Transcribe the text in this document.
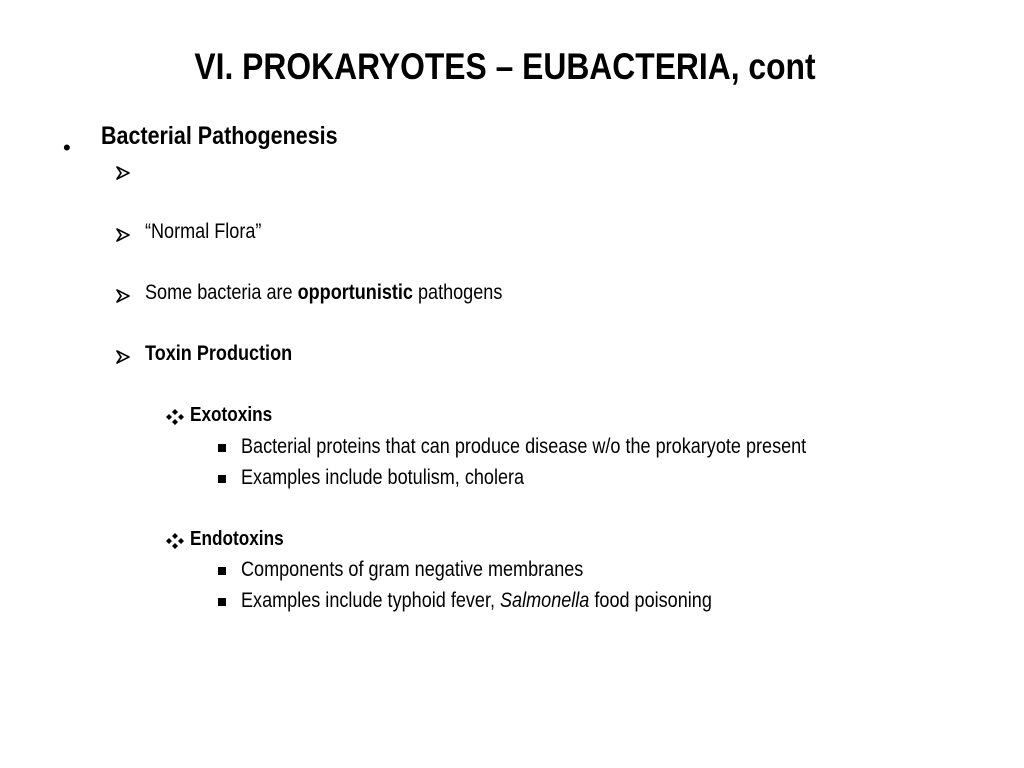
VI. PROKARYOTES – EUBACTERIA, cont
• Bacterial Pathogenesis
“Normal Flora”
Some bacteria are opportunistic pathogens
Toxin Production
Exotoxins
Bacterial proteins that can produce disease w/o the prokaryote present
Examples include botulism, cholera
Endotoxins
Components of gram negative membranes
Examples include typhoid fever, Salmonella food poisoning
